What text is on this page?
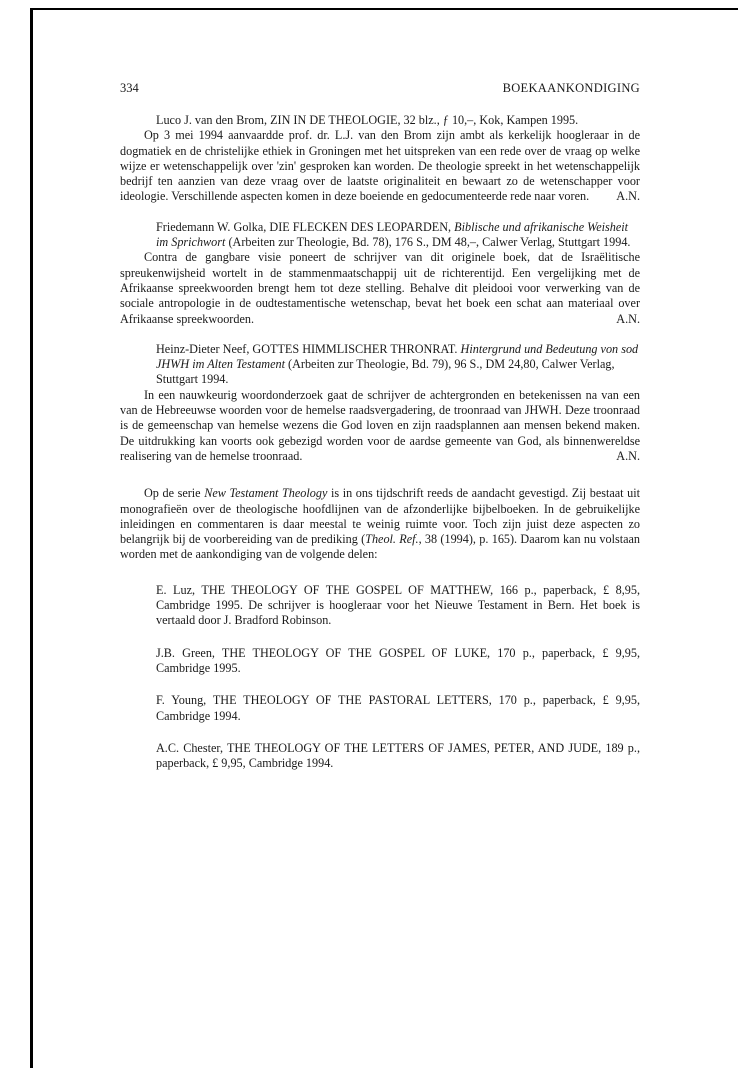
334	BOEKAANKONDIGING
Luco J. van den Brom, ZIN IN DE THEOLOGIE, 32 blz., ƒ 10,–, Kok, Kampen 1995.

Op 3 mei 1994 aanvaardde prof. dr. L.J. van den Brom zijn ambt als kerkelijk hoogleraar in de dogmatiek en de christelijke ethiek in Groningen met het uitspreken van een rede over de vraag op welke wijze er wetenschappelijk over 'zin' gesproken kan worden. De theologie spreekt in het wetenschappelijk bedrijf ten aanzien van deze vraag over de laatste originaliteit en bewaart zo de wetenschapper voor ideologie. Verschillende aspecten komen in deze boeiende en gedocumenteerde rede naar voren.	A.N.

Friedemann W. Golka, DIE FLECKEN DES LEOPARDEN, Biblische und afrikanische Weisheit im Sprichwort (Arbeiten zur Theologie, Bd. 78), 176 S., DM 48,–, Calwer Verlag, Stuttgart 1994.

Contra de gangbare visie poneert de schrijver van dit originele boek, dat de Israëlitische spreukenwijsheid wortelt in de stammenmaatschappij uit de richterentijd. Een vergelijking met de Afrikaanse spreekwoorden brengt hem tot deze stelling. Behalve dit pleidooi voor verwerking van de sociale antropologie in de oudtestamentische wetenschap, bevat het boek een schat aan materiaal over Afrikaanse spreekwoorden.	A.N.

Heinz-Dieter Neef, GOTTES HIMMLISCHER THRONRAT. Hintergrund und Bedeutung von sod JHWH im Alten Testament (Arbeiten zur Theologie, Bd. 79), 96 S., DM 24,80, Calwer Verlag, Stuttgart 1994.

In een nauwkeurig woordonderzoek gaat de schrijver de achtergronden en betekenissen na van een van de Hebreeuwse woorden voor de hemelse raadsvergadering, de troonraad van JHWH. Deze troonraad is de gemeenschap van hemelse wezens die God loven en zijn raadsplannen aan mensen bekend maken. De uitdrukking kan voorts ook gebezigd worden voor de aardse gemeente van God, als binnenwereldse realisering van de hemelse troonraad.	A.N.

Op de serie New Testament Theology is in ons tijdschrift reeds de aandacht gevestigd. Zij bestaat uit monografieën over de theologische hoofdlijnen van de afzonderlijke bijbelboeken. In de gebruikelijke inleidingen en commentaren is daar meestal te weinig ruimte voor. Toch zijn juist deze aspecten zo belangrijk bij de voorbereiding van de prediking (Theol. Ref., 38 (1994), p. 165). Daarom kan nu volstaan worden met de aankondiging van de volgende delen:

E. Luz, THE THEOLOGY OF THE GOSPEL OF MATTHEW, 166 p., paperback, £ 8,95, Cambridge 1995. De schrijver is hoogleraar voor het Nieuwe Testament in Bern. Het boek is vertaald door J. Bradford Robinson.
J.B. Green, THE THEOLOGY OF THE GOSPEL OF LUKE, 170 p., paperback, £ 9,95, Cambridge 1995.
F. Young, THE THEOLOGY OF THE PASTORAL LETTERS, 170 p., paperback, £ 9,95, Cambridge 1994.
A.C. Chester, THE THEOLOGY OF THE LETTERS OF JAMES, PETER, AND JUDE, 189 p., paperback, £ 9,95, Cambridge 1994.
